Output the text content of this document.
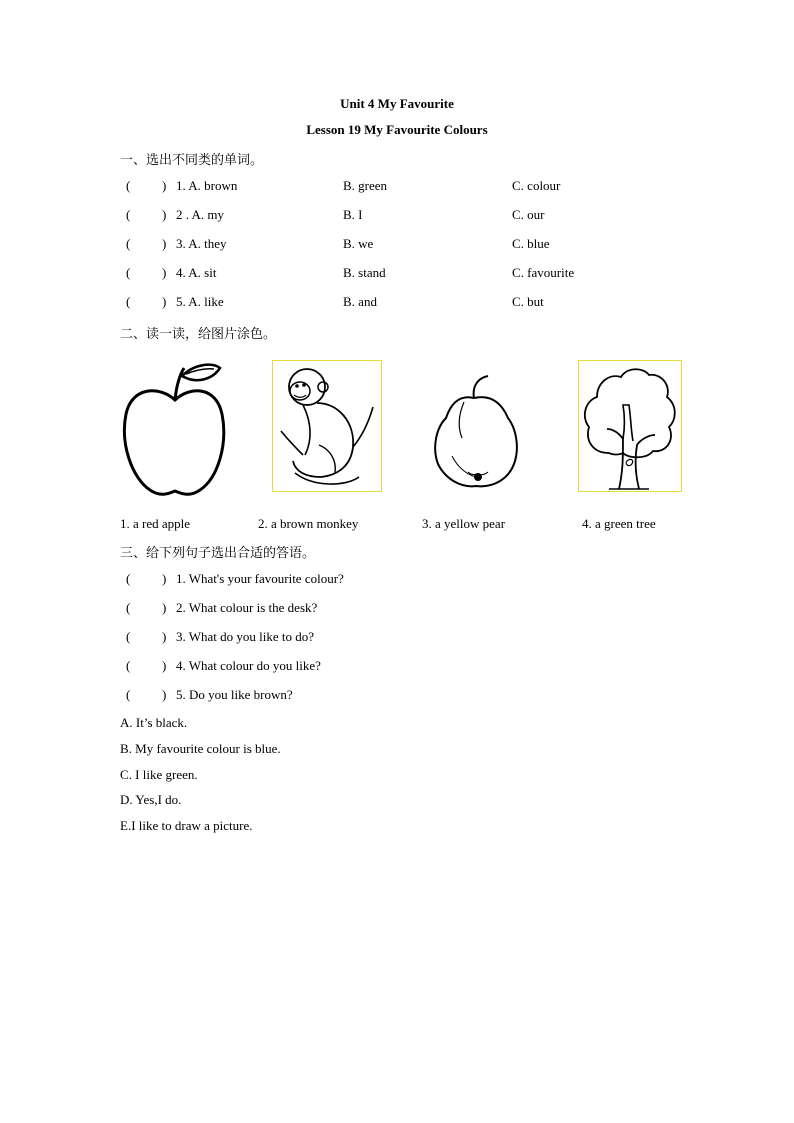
Unit 4 My Favourite
Lesson 19 My Favourite Colours
一、选出不同类的单词。
( ) 1. A. brown	B. green	C. colour
( ) 2 . A. my	B. I	C. our
( ) 3. A. they	B. we	C. blue
( ) 4. A. sit	B. stand	C. favourite
( ) 5. A. like	B. and	C. but
二、读一读，给图片涂色。
1. a red apple	2. a brown monkey	3. a yellow pear	4. a green tree
三、给下列句子选出合适的答语。
( ) 1. What's your favourite colour?
( ) 2. What colour is the desk?
( ) 3. What do you like to do?
( ) 4. What colour do you like?
( ) 5. Do you like brown?
A. It’s black.
B. My favourite colour is blue.
C. I like green.
D. Yes,I do.
E.I like to draw a picture.
